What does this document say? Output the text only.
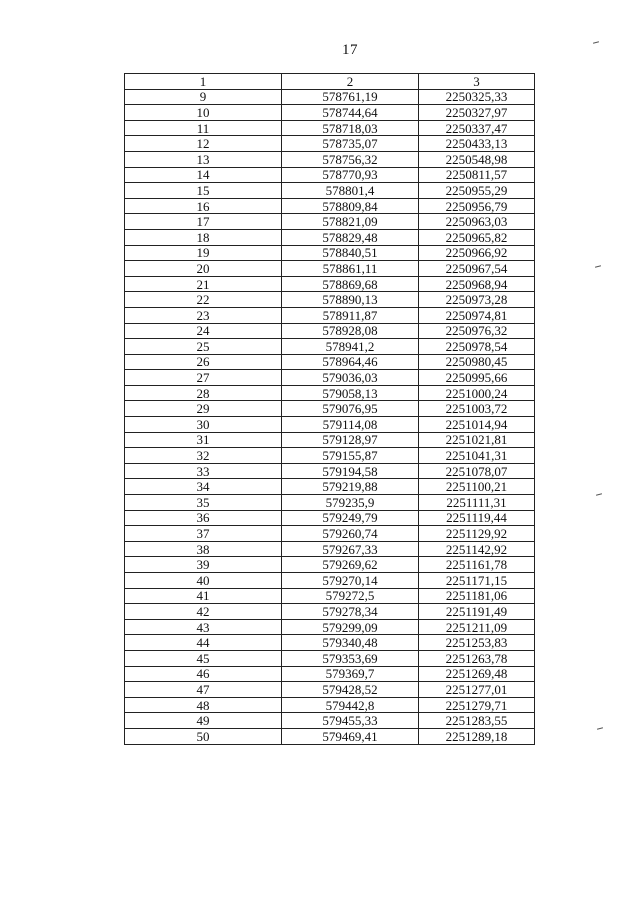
17
1	2	3
9	578761,19	2250325,33
10	578744,64	2250327,97
11	578718,03	2250337,47
12	578735,07	2250433,13
13	578756,32	2250548,98
14	578770,93	2250811,57
15	578801,4	2250955,29
16	578809,84	2250956,79
17	578821,09	2250963,03
18	578829,48	2250965,82
19	578840,51	2250966,92
20	578861,11	2250967,54
21	578869,68	2250968,94
22	578890,13	2250973,28
23	578911,87	2250974,81
24	578928,08	2250976,32
25	578941,2	2250978,54
26	578964,46	2250980,45
27	579036,03	2250995,66
28	579058,13	2251000,24
29	579076,95	2251003,72
30	579114,08	2251014,94
31	579128,97	2251021,81
32	579155,87	2251041,31
33	579194,58	2251078,07
34	579219,88	2251100,21
35	579235,9	2251111,31
36	579249,79	2251119,44
37	579260,74	2251129,92
38	579267,33	2251142,92
39	579269,62	2251161,78
40	579270,14	2251171,15
41	579272,5	2251181,06
42	579278,34	2251191,49
43	579299,09	2251211,09
44	579340,48	2251253,83
45	579353,69	2251263,78
46	579369,7	2251269,48
47	579428,52	2251277,01
48	579442,8	2251279,71
49	579455,33	2251283,55
50	579469,41	2251289,18
